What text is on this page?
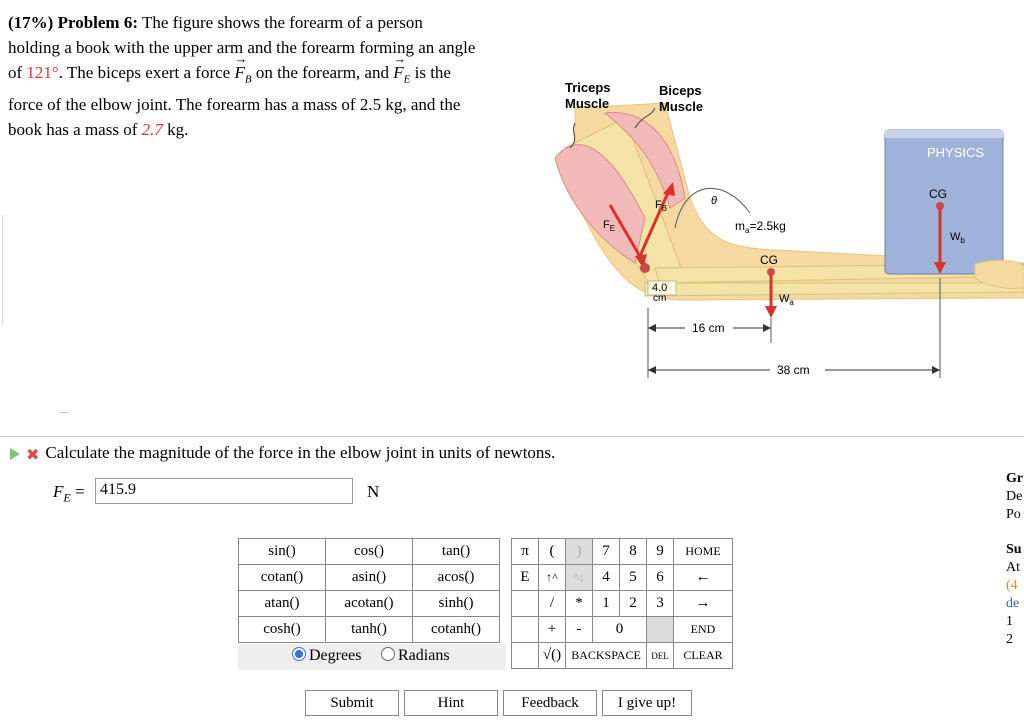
(17%) Problem 6: The figure shows the forearm of a person holding a book with the upper arm and the forearm forming an angle of 121°. The biceps exert a force → $F_B$ on the forearm, and → $F_E$ is the force of the elbow joint. The forearm has a mass of 2.5 kg, and the book has a mass of 2.7 kg.
θ
Triceps
Muscle
Biceps
Muscle
$F_E$
$F_B$
4.0
cm
$m_a=2.5kg$
CG
$W_a$
PHYSICS
CG
$W_b$
16 cm
38 cm
✖ Calculate the magnitude of the force in the elbow joint in units of newtons.
$F_E = 415.9$	N
sin()	cos()	tan()
cotan()	asin()	acos()
atan()	acotan()	sinh()
cosh()	tanh()	cotanh()
Degrees	Radians
π	(	)	7	8	9	HOME
E	↑^	^↓	4	5	6	←
	/	*	1	2	3	→
	+	-	0			END
	√()	BACKSPACE			DEL	CLEAR
Submit	Hint	Feedback	I give up!
Gr
De
Po
Su
At
(4
de
1
2
